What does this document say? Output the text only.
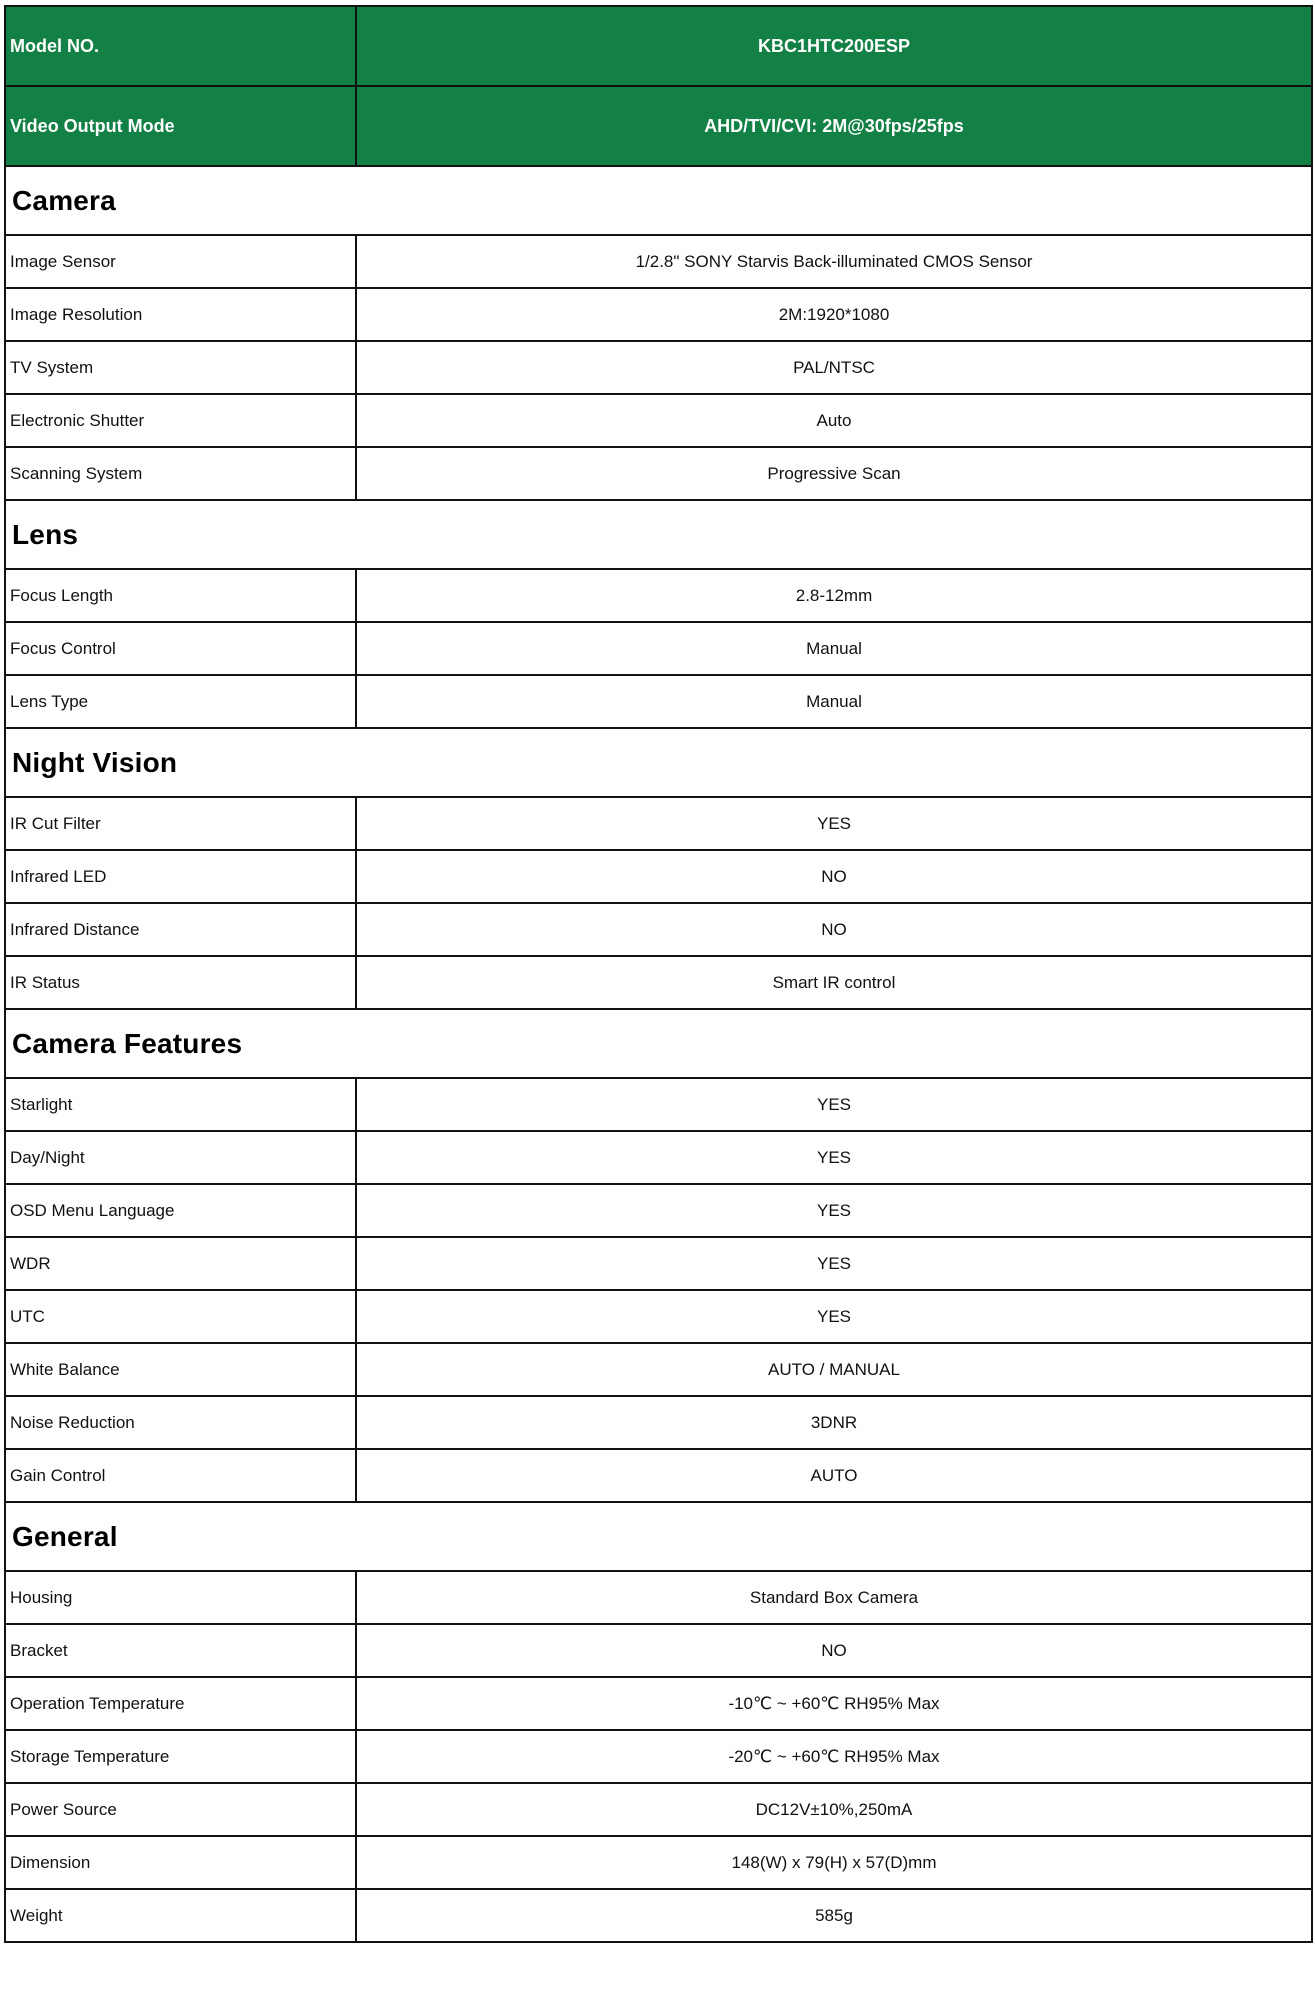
Model NO.	KBC1HTC200ESP
Video Output Mode	AHD/TVI/CVI: 2M@30fps/25fps
Camera	
Image Sensor	1/2.8" SONY Starvis Back-illuminated CMOS Sensor
Image Resolution	2M:1920*1080
TV System	PAL/NTSC
Electronic Shutter	Auto
Scanning System	Progressive Scan
Lens	
Focus Length	2.8-12mm
Focus Control	Manual
Lens Type	Manual
Night Vision	
IR Cut Filter	YES
Infrared LED	NO
Infrared Distance	NO
IR Status	Smart IR control
Camera Features	
Starlight	YES
Day/Night	YES
OSD Menu Language	YES
WDR	YES
UTC	YES
White Balance	AUTO / MANUAL
Noise Reduction	3DNR
Gain Control	AUTO
General	
Housing	Standard Box Camera
Bracket	NO
Operation Temperature	-10℃ ~ +60℃ RH95% Max
Storage Temperature	-20℃ ~ +60℃ RH95% Max
Power Source	DC12V±10%,250mA
Dimension	148(W) x 79(H) x 57(D)mm
Weight	585g
